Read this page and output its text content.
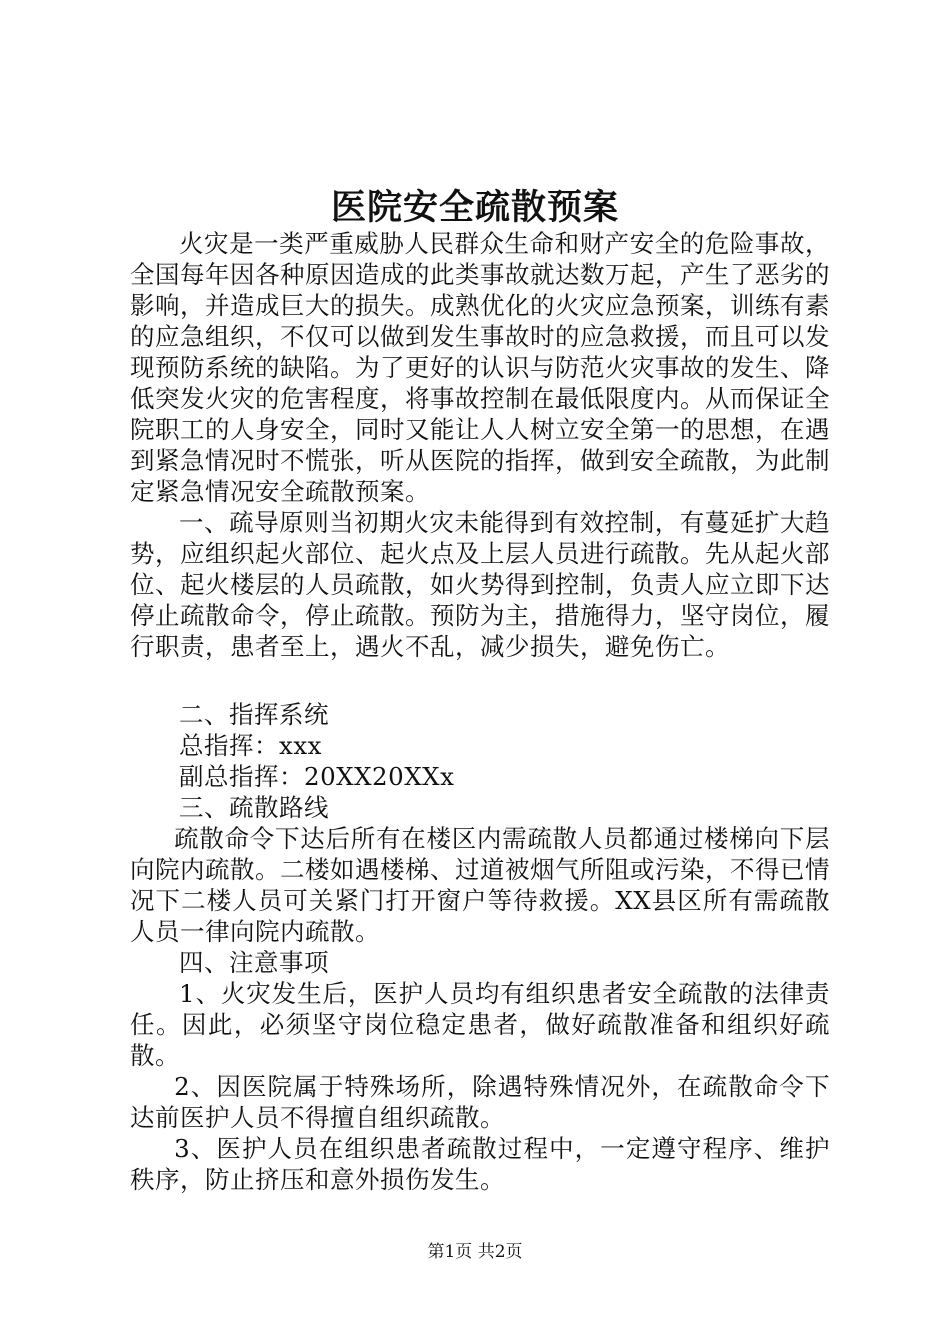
医院安全疏散预案

火灾是一类严重威胁人民群众生命和财产安全的危险事故，全国每年因各种原因造成的此类事故就达数万起，产生了恶劣的影响，并造成巨大的损失。成熟优化的火灾应急预案，训练有素的应急组织，不仅可以做到发生事故时的应急救援，而且可以发现预防系统的缺陷。为了更好的认识与防范火灾事故的发生、降低突发火灾的危害程度，将事故控制在最低限度内。从而保证全院职工的人身安全，同时又能让人人树立安全第一的思想，在遇到紧急情况时不慌张，听从医院的指挥，做到安全疏散，为此制定紧急情况安全疏散预案。

一、疏导原则当初期火灾未能得到有效控制，有蔓延扩大趋势，应组织起火部位、起火点及上层人员进行疏散。先从起火部位、起火楼层的人员疏散，如火势得到控制，负责人应立即下达停止疏散命令，停止疏散。预防为主，措施得力，坚守岗位，履行职责，患者至上，遇火不乱，减少损失，避免伤亡。

二、指挥系统

总指挥：xxx

副总指挥：20XX20XXx

三、疏散路线

疏散命令下达后所有在楼区内需疏散人员都通过楼梯向下层向院内疏散。二楼如遇楼梯、过道被烟气所阻或污染，不得已情况下二楼人员可关紧门打开窗户等待救援。XX县区所有需疏散人员一律向院内疏散。

四、注意事项

1、火灾发生后，医护人员均有组织患者安全疏散的法律责任。因此，必须坚守岗位稳定患者，做好疏散准备和组织好疏散。

2、因医院属于特殊场所，除遇特殊情况外，在疏散命令下达前医护人员不得擅自组织疏散。

3、医护人员在组织患者疏散过程中，一定遵守程序、维护秩序，防止挤压和意外损伤发生。

第1页 共2页
